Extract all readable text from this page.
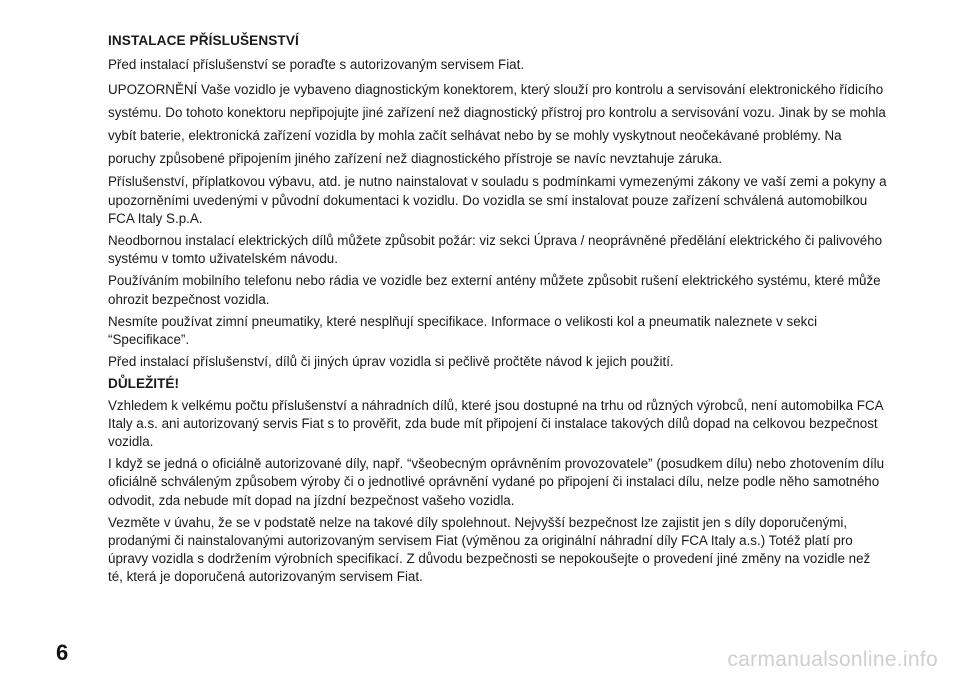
INSTALACE PŘÍSLUŠENSTVÍ

Před instalací příslušenství se poraďte s autorizovaným servisem Fiat.

UPOZORNĚNÍ Vaše vozidlo je vybaveno diagnostickým konektorem, který slouží pro kontrolu a servisování elektronického řídicího systému. Do tohoto konektoru nepřipojujte jiné zařízení než diagnostický přístroj pro kontrolu a servisování vozu. Jinak by se mohla vybít baterie, elektronická zařízení vozidla by mohla začít selhávat nebo by se mohly vyskytnout neočekávané problémy. Na poruchy způsobené připojením jiného zařízení než diagnostického přístroje se navíc nevztahuje záruka.

Příslušenství, příplatkovou výbavu, atd. je nutno nainstalovat v souladu s podmínkami vymezenými zákony ve vaší zemi a pokyny a upozorněními uvedenými v původní dokumentaci k vozidlu. Do vozidla se smí instalovat pouze zařízení schválená automobilkou FCA Italy S.p.A.

Neodbornou instalací elektrických dílů můžete způsobit požár: viz sekci Úprava / neoprávněné předělání elektrického či palivového systému v tomto uživatelském návodu.

Používáním mobilního telefonu nebo rádia ve vozidle bez externí antény můžete způsobit rušení elektrického systému, které může ohrozit bezpečnost vozidla.

Nesmíte používat zimní pneumatiky, které nesplňují specifikace. Informace o velikosti kol a pneumatik naleznete v sekci “Specifikace”.

Před instalací příslušenství, dílů či jiných úprav vozidla si pečlivě pročtěte návod k jejich použití.

DŮLEŽITÉ!

Vzhledem k velkému počtu příslušenství a náhradních dílů, které jsou dostupné na trhu od různých výrobců, není automobilka FCA Italy a.s. ani autorizovaný servis Fiat s to prověřit, zda bude mít připojení či instalace takových dílů dopad na celkovou bezpečnost vozidla.

I když se jedná o oficiálně autorizované díly, např. “všeobecným oprávněním provozovatele” (posudkem dílu) nebo zhotovením dílu oficiálně schváleným způsobem výroby či o jednotlivé oprávnění vydané po připojení či instalaci dílu, nelze podle něho samotného odvodit, zda nebude mít dopad na jízdní bezpečnost vašeho vozidla.

Vezměte v úvahu, že se v podstatě nelze na takové díly spolehnout. Nejvyšší bezpečnost lze zajistit jen s díly doporučenými, prodanými či nainstalovanými autorizovaným servisem Fiat (výměnou za originální náhradní díly FCA Italy a.s.) Totéž platí pro úpravy vozidla s dodržením výrobních specifikací. Z důvodu bezpečnosti se nepokoušejte o provedení jiné změny na vozidle než té, která je doporučená autorizovaným servisem Fiat.

6	carmanualsonline.info
